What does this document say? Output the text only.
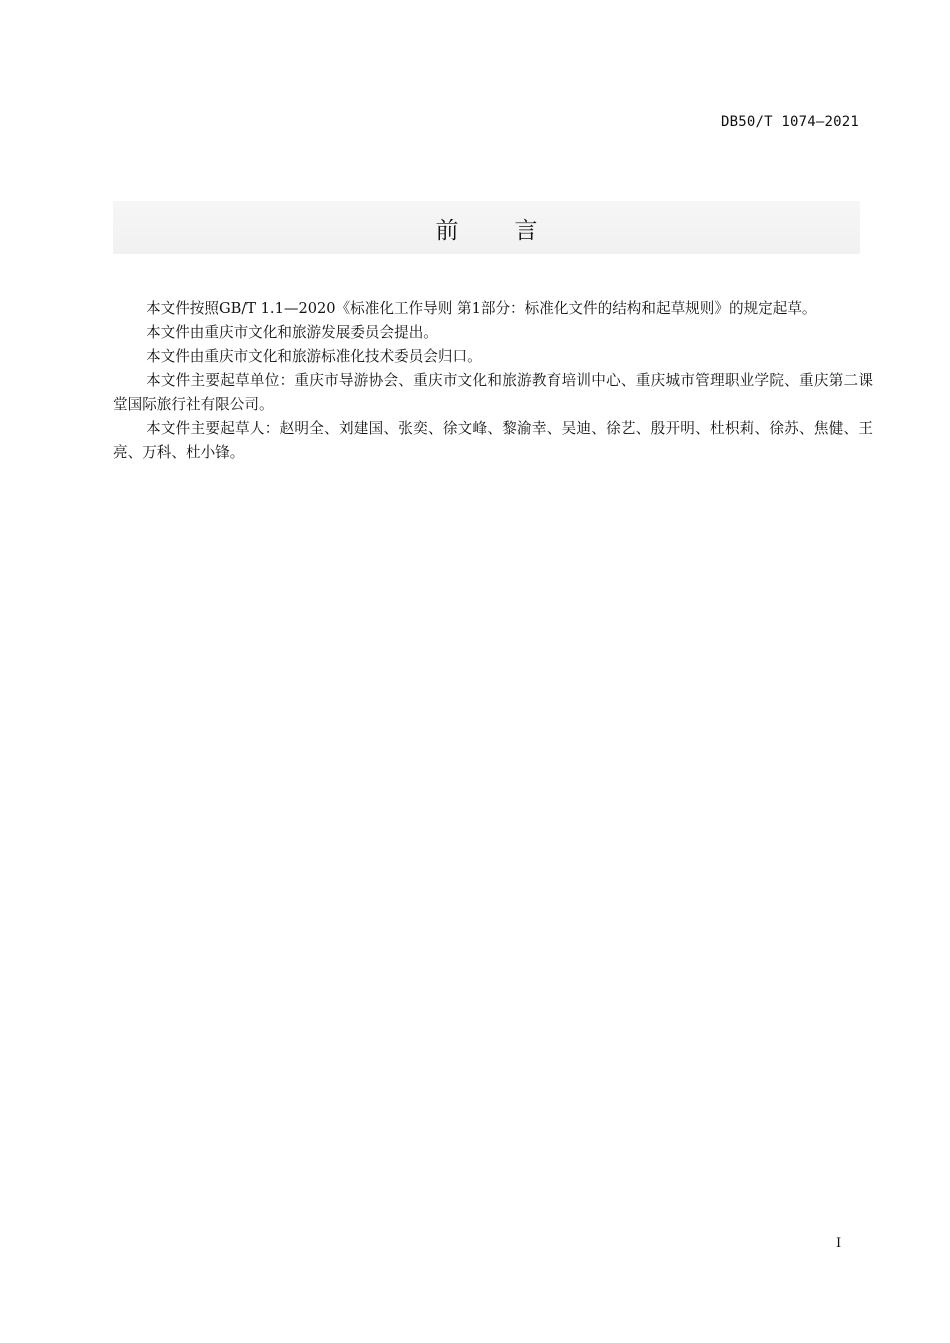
DB50/T 1074—2021
前言

本文件按照GB/T 1.1—2020《标准化工作导则 第1部分：标准化文件的结构和起草规则》的规定起草。

本文件由重庆市文化和旅游发展委员会提出。

本文件由重庆市文化和旅游标准化技术委员会归口。

本文件主要起草单位：重庆市导游协会、重庆市文化和旅游教育培训中心、重庆城市管理职业学院、重庆第二课堂国际旅行社有限公司。

本文件主要起草人：赵明全、刘建国、张奕、徐文峰、黎渝幸、吴迪、徐艺、殷开明、杜枳莉、徐苏、焦健、王亮、万科、杜小锋。

I
